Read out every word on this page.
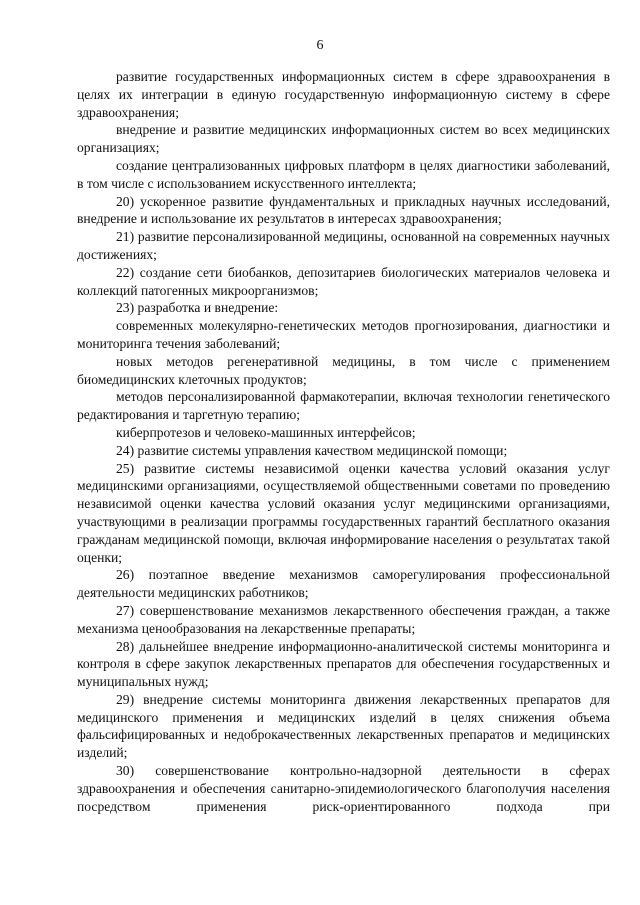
6

развитие государственных информационных систем в сфере здравоохранения в целях их интеграции в единую государственную информационную систему в сфере здравоохранения;

внедрение и развитие медицинских информационных систем во всех медицинских организациях;

создание централизованных цифровых платформ в целях диагностики заболеваний, в том числе с использованием искусственного интеллекта;

20) ускоренное развитие фундаментальных и прикладных научных исследований, внедрение и использование их результатов в интересах здравоохранения;

21) развитие персонализированной медицины, основанной на современных научных достижениях;

22) создание сети биобанков, депозитариев биологических материалов человека и коллекций патогенных микроорганизмов;

23) разработка и внедрение:

современных молекулярно-генетических методов прогнозирования, диагностики и мониторинга течения заболеваний;

новых методов регенеративной медицины, в том числе с применением биомедицинских клеточных продуктов;

методов персонализированной фармакотерапии, включая технологии генетического редактирования и таргетную терапию;

киберпротезов и человеко-машинных интерфейсов;

24) развитие системы управления качеством медицинской помощи;

25) развитие системы независимой оценки качества условий оказания услуг медицинскими организациями, осуществляемой общественными советами по проведению независимой оценки качества условий оказания услуг медицинскими организациями, участвующими в реализации программы государственных гарантий бесплатного оказания гражданам медицинской помощи, включая информирование населения о результатах такой оценки;

26) поэтапное введение механизмов саморегулирования профессиональной деятельности медицинских работников;

27) совершенствование механизмов лекарственного обеспечения граждан, а также механизма ценообразования на лекарственные препараты;

28) дальнейшее внедрение информационно-аналитической системы мониторинга и контроля в сфере закупок лекарственных препаратов для обеспечения государственных и муниципальных нужд;

29) внедрение системы мониторинга движения лекарственных препаратов для медицинского применения и медицинских изделий в целях снижения объема фальсифицированных и недоброкачественных лекарственных препаратов и медицинских изделий;

30) совершенствование контрольно-надзорной деятельности в сферах здравоохранения и обеспечения санитарно-эпидемиологического благополучия населения посредством применения риск-ориентированного подхода при
